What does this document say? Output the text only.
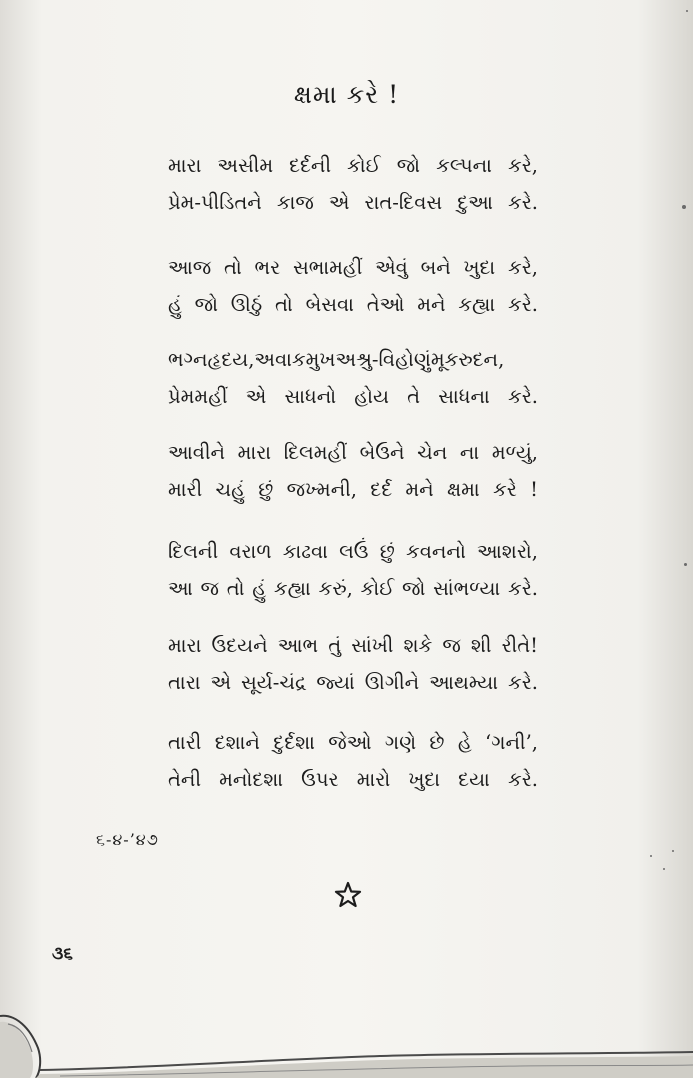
ક્ષમા કરે !
મારા અસીમ દર્દની કોઈ જો કલ્પના કરે,
પ્રેમ-પીડિતને કાજ એ રાત-દિવસ દુઆ કરે.
આજ તો ભર સભામહીં એવું બને ખુદા કરે,
હું જો ઊઠું તો બેસવા તેઓ મને કહ્યા કરે.
ભગ્નહૃદય,અવાકમુખઅશ્રુ-વિહોણુંમૂકરુદન,
પ્રેમમહીં એ સાધનો હોય તે સાધના કરે.
આવીને મારા દિલમહીં બેઉને ચેન ના મળ્યું,
મારી ચહું છું જખ્મની, દર્દ મને ક્ષમા કરે !
દિલની વરાળ કાઢવા લઉં છું કવનનો આશરો,
આ જ તો હું કહ્યા કરું, કોઈ જો સાંભળ્યા કરે.
મારા ઉદયને આભ તું સાંખી શકે જ શી રીતે!
તારા એ સૂર્ય-ચંદ્ર જ્યાં ઊગીને આથમ્યા કરે.
તારી દશાને દુર્દશા જેઓ ગણે છે હે ‘ગની’,
તેની મનોદશા ઉપર મારો ખુદા દયા કરે.
૬-૪-’૪૭
૩૬
